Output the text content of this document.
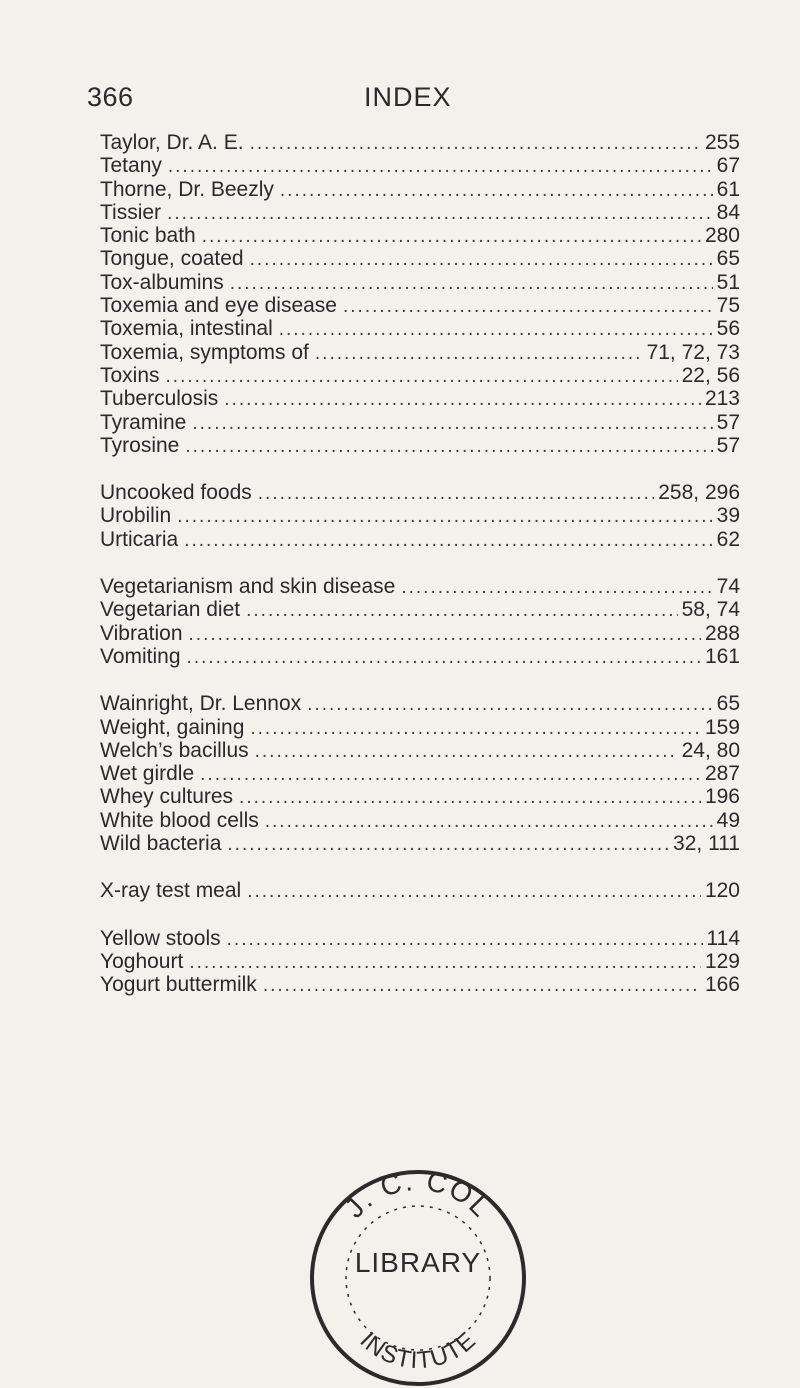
366	INDEX
Taylor, Dr. A. E. .....	255
Tetany .....	67
Thorne, Dr. Beezly .....	61
Tissier .....	84
Tonic bath .....	280
Tongue, coated .....	65
Tox-albumins .....	51
Toxemia and eye disease .....	75
Toxemia, intestinal .....	56
Toxemia, symptoms of .....	71, 72, 73
Toxins .....	22, 56
Tuberculosis .....	213
Tyramine .....	57
Tyrosine .....	57
Uncooked foods .....	258, 296
Urobilin .....	39
Urticaria .....	62
Vegetarianism and skin disease .....	74
Vegetarian diet .....	58, 74
Vibration .....	288
Vomiting .....	161
Wainright, Dr. Lennox .....	65
Weight, gaining .....	159
Welch’s bacillus .....	24, 80
Wet girdle .....	287
Whey cultures .....	196
White blood cells .....	49
Wild bacteria .....	32, 111
X-ray test meal .....	120
Yellow stools .....	114
Yoghourt .....	129
Yogurt buttermilk .....	166
J. C. COL
LIBRARY
INSTITUTE
